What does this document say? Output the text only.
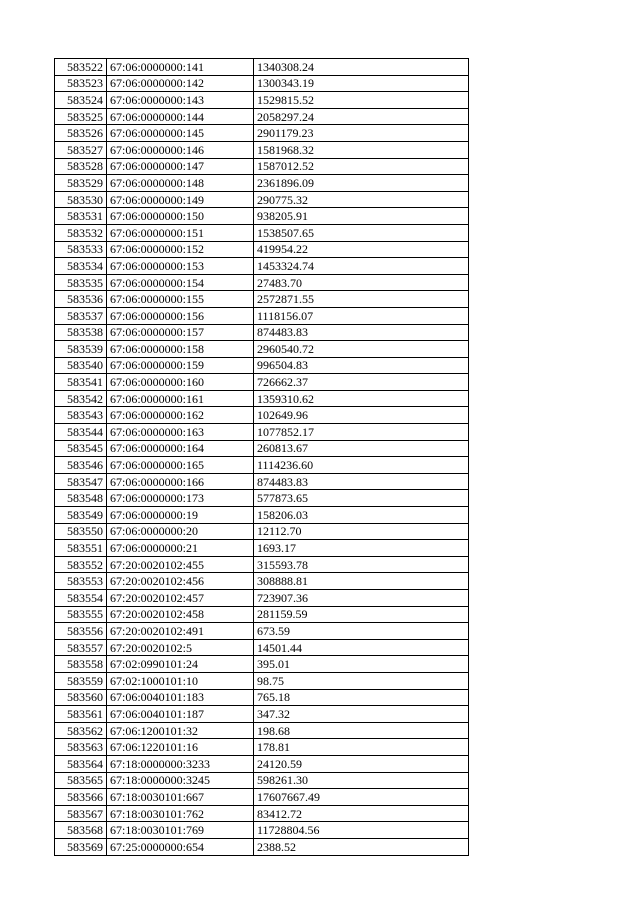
583522	67:06:0000000:141	1340308.24
583523	67:06:0000000:142	1300343.19
583524	67:06:0000000:143	1529815.52
583525	67:06:0000000:144	2058297.24
583526	67:06:0000000:145	2901179.23
583527	67:06:0000000:146	1581968.32
583528	67:06:0000000:147	1587012.52
583529	67:06:0000000:148	2361896.09
583530	67:06:0000000:149	290775.32
583531	67:06:0000000:150	938205.91
583532	67:06:0000000:151	1538507.65
583533	67:06:0000000:152	419954.22
583534	67:06:0000000:153	1453324.74
583535	67:06:0000000:154	27483.70
583536	67:06:0000000:155	2572871.55
583537	67:06:0000000:156	1118156.07
583538	67:06:0000000:157	874483.83
583539	67:06:0000000:158	2960540.72
583540	67:06:0000000:159	996504.83
583541	67:06:0000000:160	726662.37
583542	67:06:0000000:161	1359310.62
583543	67:06:0000000:162	102649.96
583544	67:06:0000000:163	1077852.17
583545	67:06:0000000:164	260813.67
583546	67:06:0000000:165	1114236.60
583547	67:06:0000000:166	874483.83
583548	67:06:0000000:173	577873.65
583549	67:06:0000000:19	158206.03
583550	67:06:0000000:20	12112.70
583551	67:06:0000000:21	1693.17
583552	67:20:0020102:455	315593.78
583553	67:20:0020102:456	308888.81
583554	67:20:0020102:457	723907.36
583555	67:20:0020102:458	281159.59
583556	67:20:0020102:491	673.59
583557	67:20:0020102:5	14501.44
583558	67:02:0990101:24	395.01
583559	67:02:1000101:10	98.75
583560	67:06:0040101:183	765.18
583561	67:06:0040101:187	347.32
583562	67:06:1200101:32	198.68
583563	67:06:1220101:16	178.81
583564	67:18:0000000:3233	24120.59
583565	67:18:0000000:3245	598261.30
583566	67:18:0030101:667	17607667.49
583567	67:18:0030101:762	83412.72
583568	67:18:0030101:769	11728804.56
583569	67:25:0000000:654	2388.52
